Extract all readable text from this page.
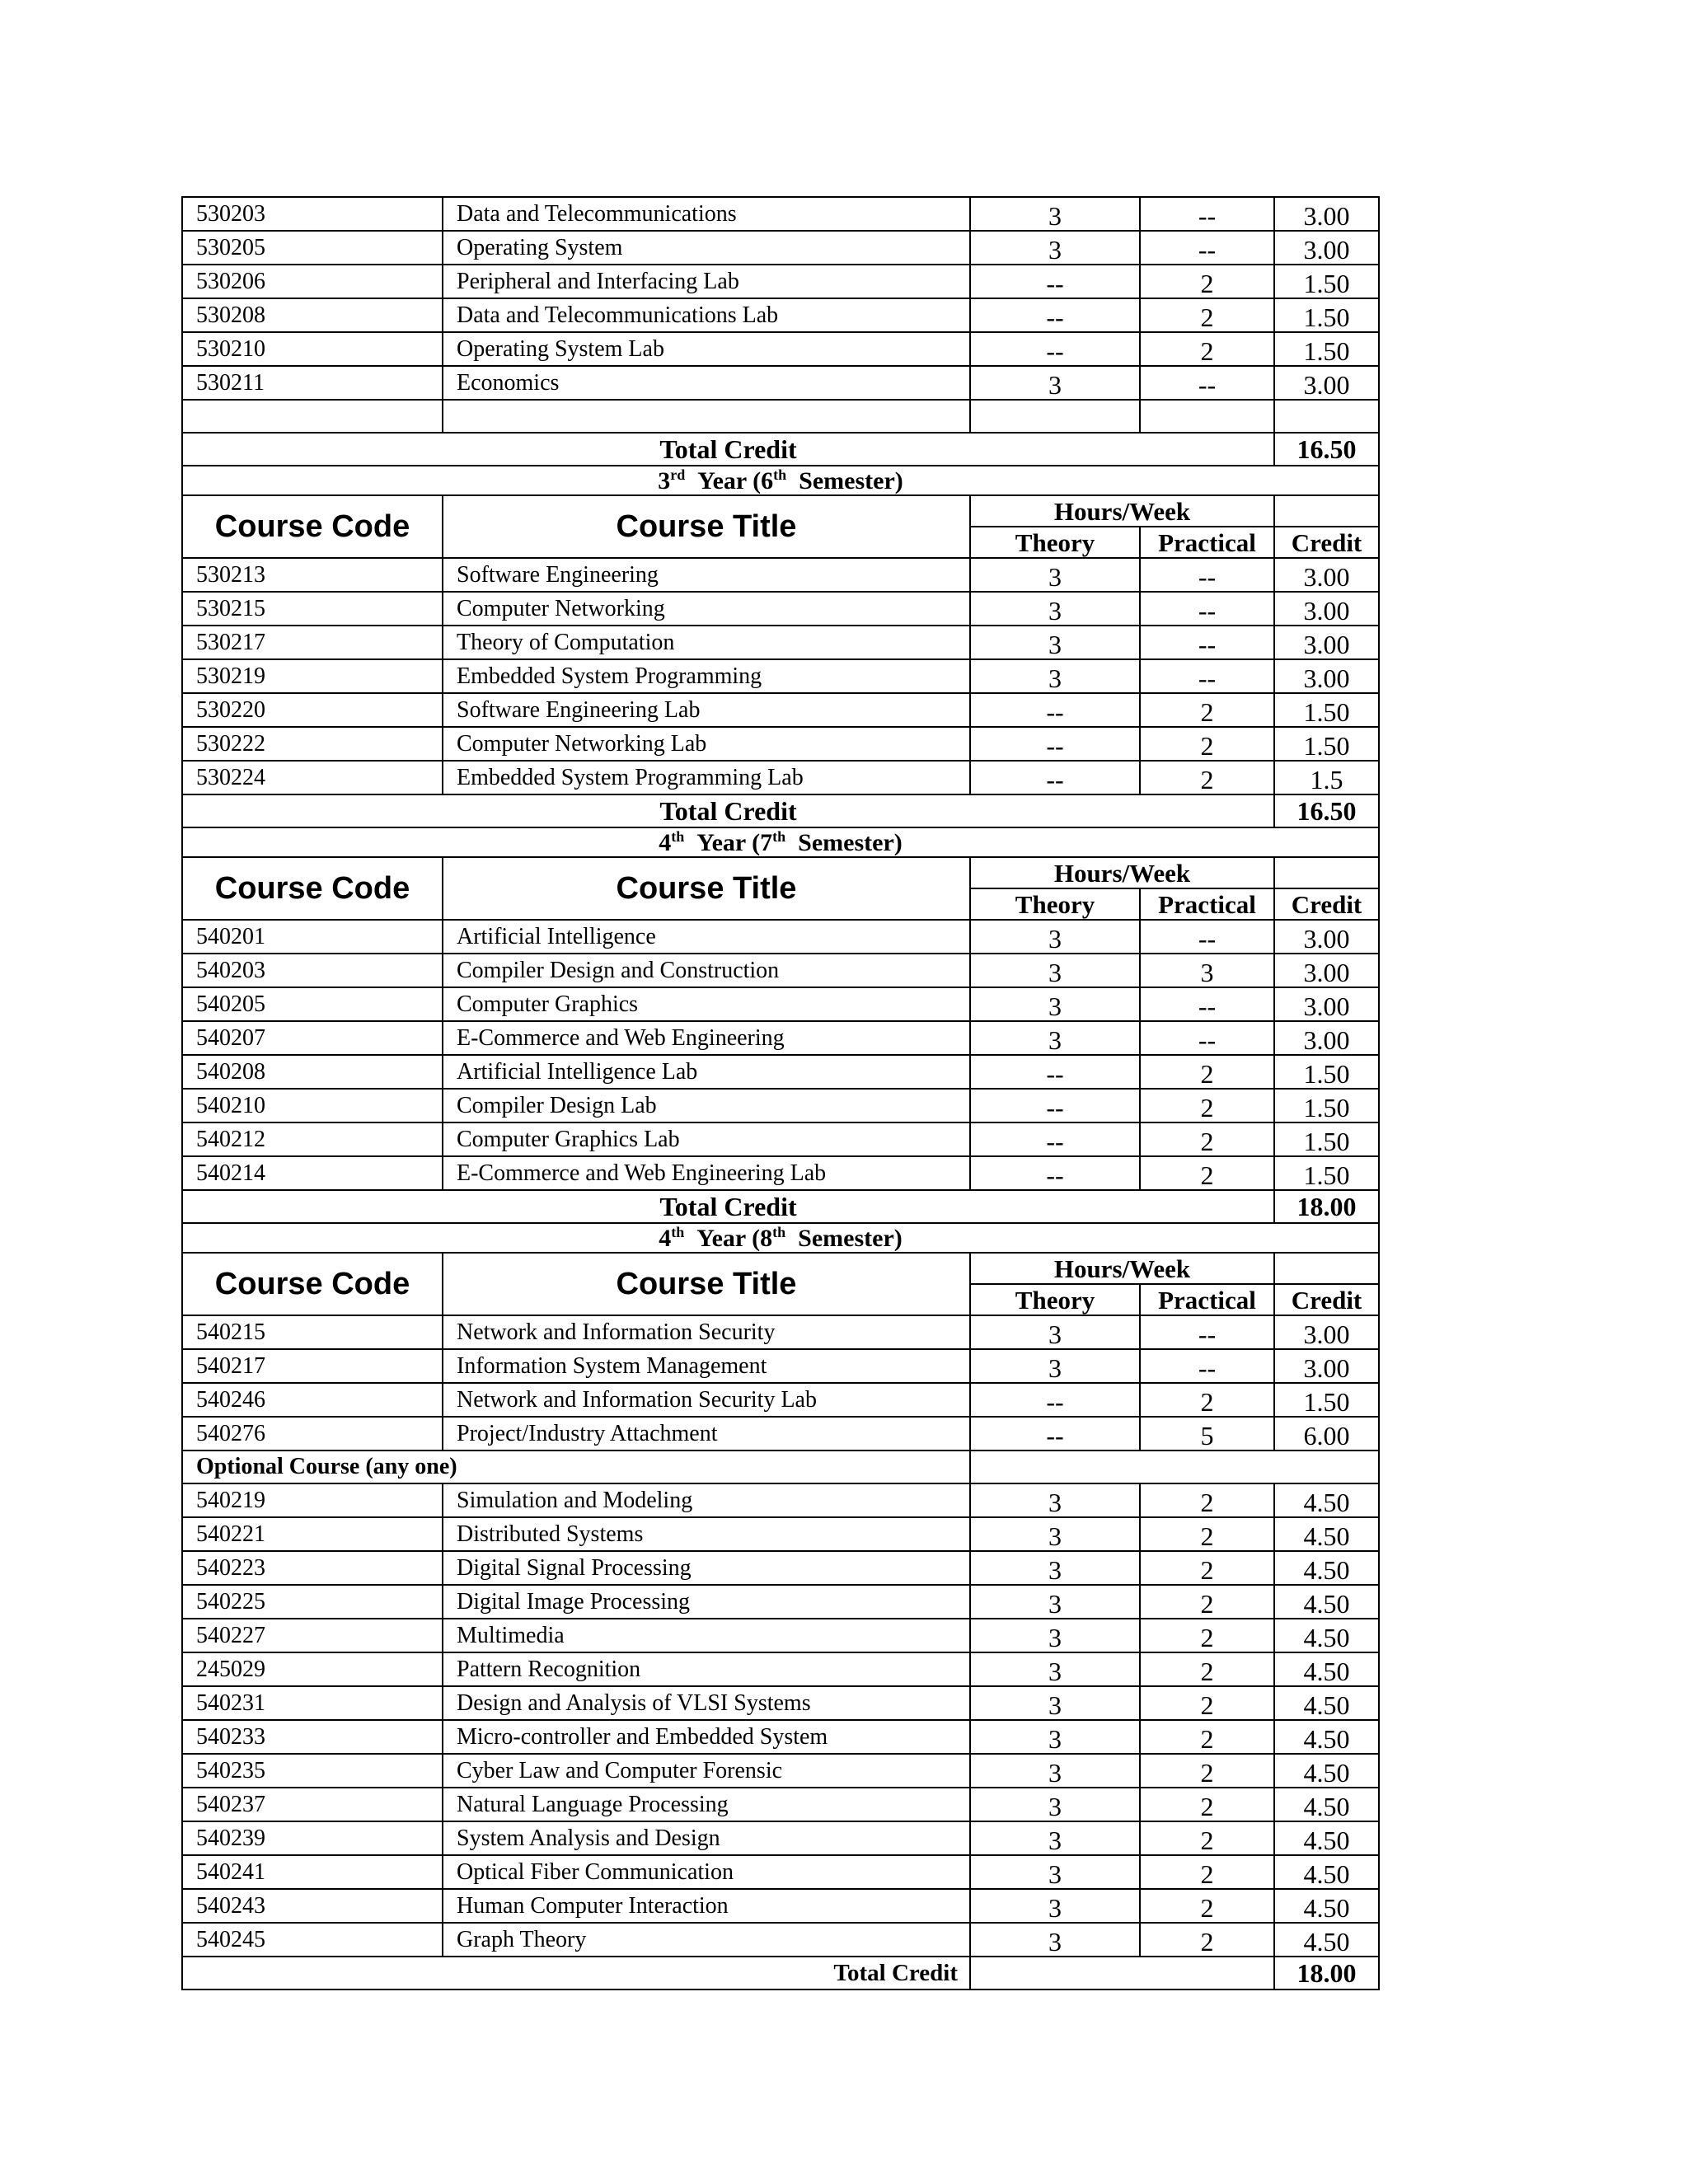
530203	Data and Telecommunications	3	--	3.00
530205	Operating System	3	--	3.00
530206	Peripheral and Interfacing Lab	--	2	1.50
530208	Data and Telecommunications Lab	--	2	1.50
530210	Operating System Lab	--	2	1.50
530211	Economics	3	--	3.00

Total Credit				16.50
3rd Year (6th Semester)				
Course Code	Course Title	Hours/Week		
		Theory	Practical	Credit
530213	Software Engineering	3	--	3.00
530215	Computer Networking	3	--	3.00
530217	Theory of Computation	3	--	3.00
530219	Embedded System Programming	3	--	3.00
530220	Software Engineering Lab	--	2	1.50
530222	Computer Networking Lab	--	2	1.50
530224	Embedded System Programming Lab	--	2	1.5
Total Credit				16.50
4th Year (7th Semester)				
Course Code	Course Title	Hours/Week		
		Theory	Practical	Credit
540201	Artificial Intelligence	3	--	3.00
540203	Compiler Design and Construction	3	3	3.00
540205	Computer Graphics	3	--	3.00
540207	E-Commerce and Web Engineering	3	--	3.00
540208	Artificial Intelligence Lab	--	2	1.50
540210	Compiler Design Lab	--	2	1.50
540212	Computer Graphics Lab	--	2	1.50
540214	E-Commerce and Web Engineering Lab	--	2	1.50
Total Credit				18.00
4th Year (8th Semester)				
Course Code	Course Title	Hours/Week		
		Theory	Practical	Credit
540215	Network and Information Security	3	--	3.00
540217	Information System Management	3	--	3.00
540246	Network and Information Security Lab	--	2	1.50
540276	Project/Industry Attachment	--	5	6.00
Optional Course (any one)				
540219	Simulation and Modeling	3	2	4.50
540221	Distributed Systems	3	2	4.50
540223	Digital Signal Processing	3	2	4.50
540225	Digital Image Processing	3	2	4.50
540227	Multimedia	3	2	4.50
245029	Pattern Recognition	3	2	4.50
540231	Design and Analysis of VLSI Systems	3	2	4.50
540233	Micro-controller and Embedded System	3	2	4.50
540235	Cyber Law and Computer Forensic	3	2	4.50
540237	Natural Language Processing	3	2	4.50
540239	System Analysis and Design	3	2	4.50
540241	Optical Fiber Communication	3	2	4.50
540243	Human Computer Interaction	3	2	4.50
540245	Graph Theory	3	2	4.50
Total Credit				18.00
